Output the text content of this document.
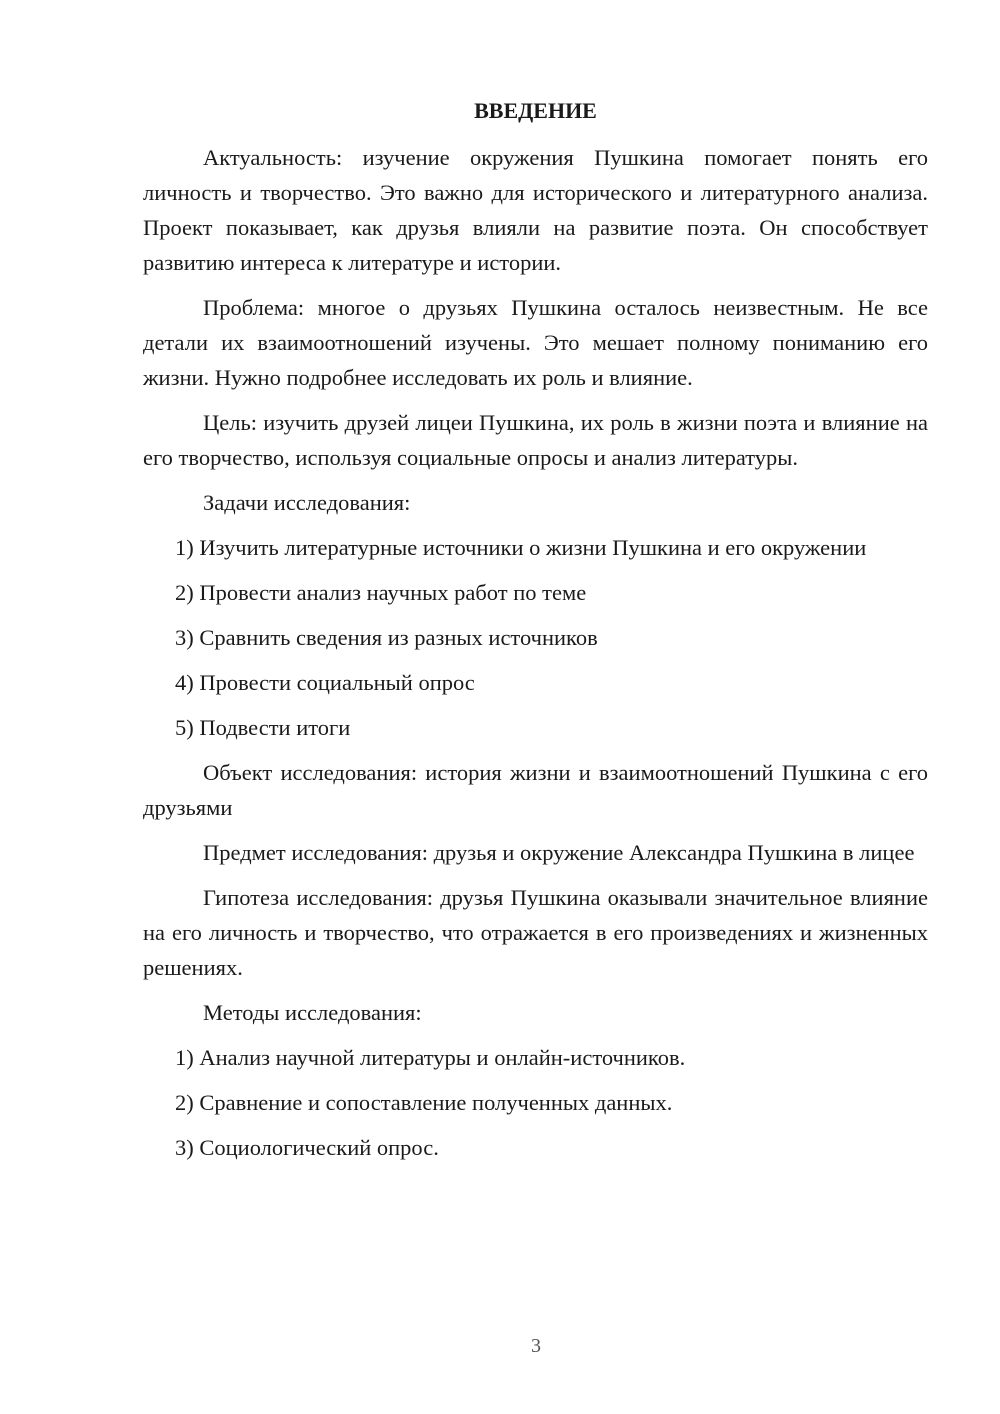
ВВЕДЕНИЕ

Актуальность: изучение окружения Пушкина помогает понять его личность и творчество. Это важно для исторического и литературного анализа. Проект показывает, как друзья влияли на развитие поэта. Он способствует развитию интереса к литературе и истории.

Проблема: многое о друзьях Пушкина осталось неизвестным. Не все детали их взаимоотношений изучены. Это мешает полному пониманию его жизни. Нужно подробнее исследовать их роль и влияние.

Цель: изучить друзей лицеи Пушкина, их роль в жизни поэта и влияние на его творчество, используя социальные опросы и анализ литературы.

Задачи исследования:

1) Изучить литературные источники о жизни Пушкина и его окружении

2) Провести анализ научных работ по теме

3) Сравнить сведения из разных источников

4) Провести социальный опрос

5) Подвести итоги

Объект исследования: история жизни и взаимоотношений Пушкина с его друзьями

Предмет исследования: друзья и окружение Александра Пушкина в лицее

Гипотеза исследования: друзья Пушкина оказывали значительное влияние на его личность и творчество, что отражается в его произведениях и жизненных решениях.

Методы исследования:

1) Анализ научной литературы и онлайн-источников.

2) Сравнение и сопоставление полученных данных.

3) Социологический опрос.

3
